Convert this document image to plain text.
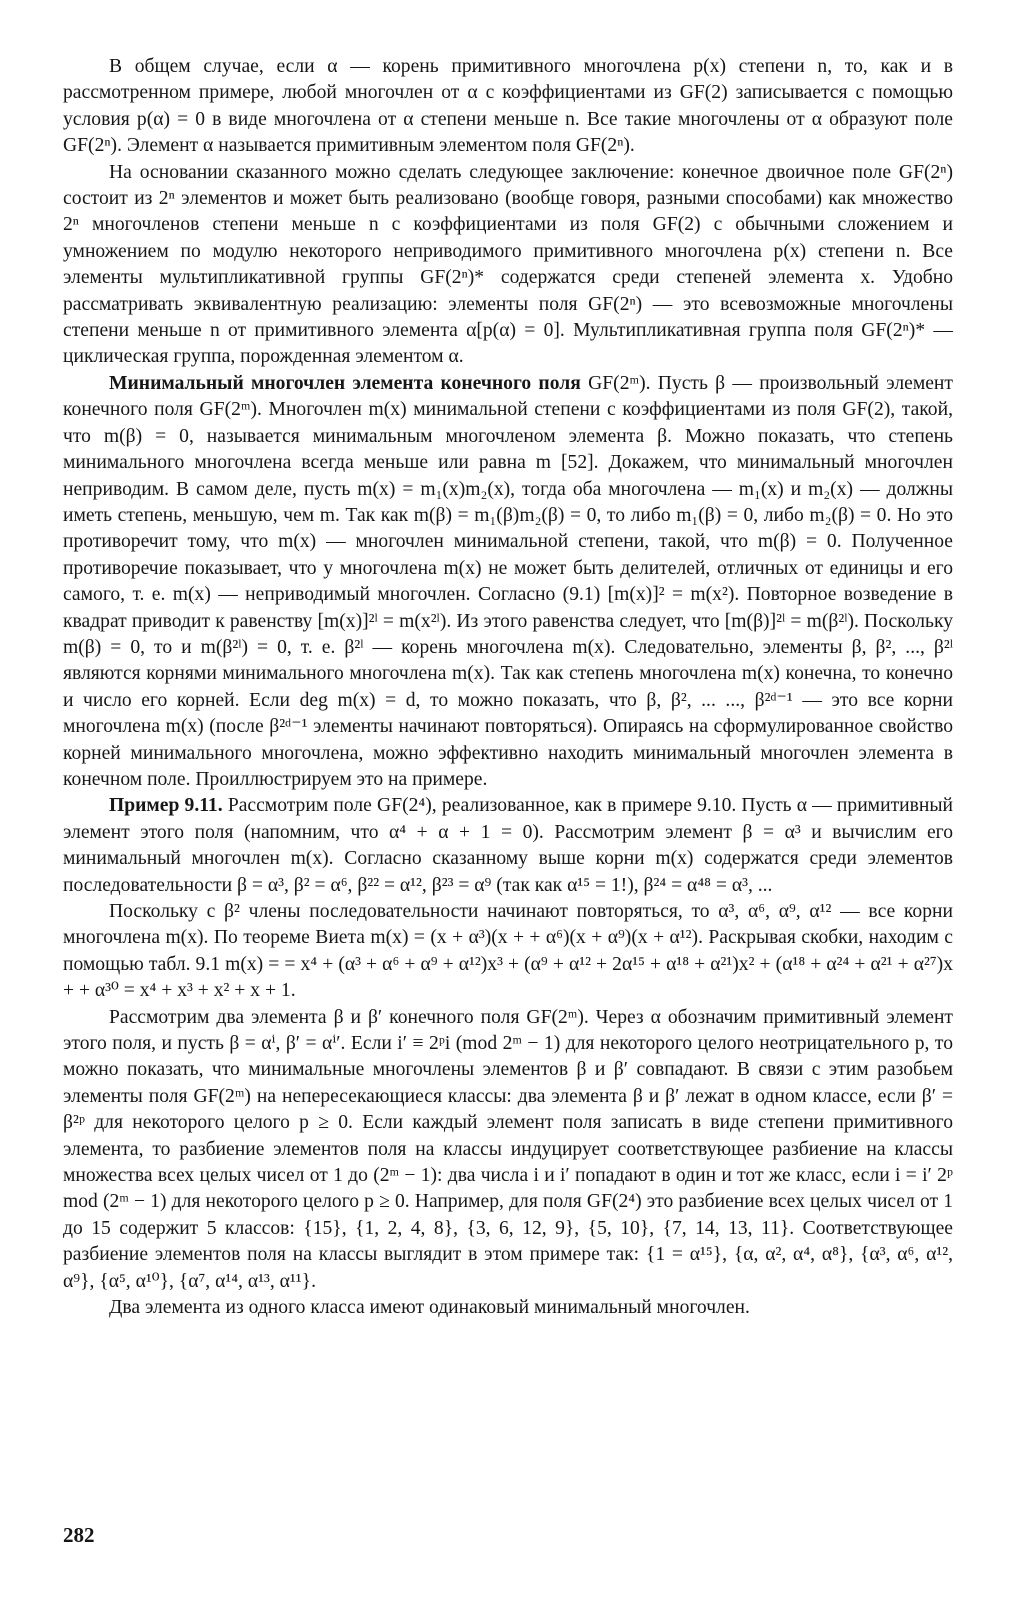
В общем случае, если α — корень примитивного многочлена p(x) степени n, то, как и в рассмотренном примере, любой многочлен от α с коэффициентами из GF(2) записывается с помощью условия p(α) = 0 в виде многочлена от α степени меньше n. Все такие многочлены от α образуют поле GF(2ⁿ). Элемент α называется примитивным элементом поля GF(2ⁿ).

На основании сказанного можно сделать следующее заключение: конечное двоичное поле GF(2ⁿ) состоит из 2ⁿ элементов и может быть реализовано (вообще говоря, разными способами) как множество 2ⁿ многочленов степени меньше n с коэффициентами из поля GF(2) с обычными сложением и умножением по модулю некоторого неприводимого примитивного многочлена p(x) степени n. Все элементы мультипликативной группы GF(2ⁿ)* содержатся среди степеней элемента x. Удобно рассматривать эквивалентную реализацию: элементы поля GF(2ⁿ) — это всевозможные многочлены степени меньше n от примитивного элемента α[p(α) = 0]. Мультипликативная группа поля GF(2ⁿ)* — циклическая группа, порожденная элементом α.

Минимальный многочлен элемента конечного поля GF(2ᵐ). Пусть β — произвольный элемент конечного поля GF(2ᵐ). Многочлен m(x) минимальной степени с коэффициентами из поля GF(2), такой, что m(β) = 0, называется минимальным многочленом элемента β. Можно показать, что степень минимального многочлена всегда меньше или равна m [52]. Докажем, что минимальный многочлен неприводим. В самом деле, пусть m(x) = m₁(x)m₂(x), тогда оба многочлена — m₁(x) и m₂(x) — должны иметь степень, меньшую, чем m. Так как m(β) = m₁(β)m₂(β) = 0, то либо m₁(β) = 0, либо m₂(β) = 0. Но это противоречит тому, что m(x) — многочлен минимальной степени, такой, что m(β) = 0. Полученное противоречие показывает, что у многочлена m(x) не может быть делителей, отличных от единицы и его самого, т. е. m(x) — неприводимый многочлен. Согласно (9.1) [m(x)]² = m(x²). Повторное возведение в квадрат приводит к равенству [m(x)]²ˡ = m(x²ˡ). Из этого равенства следует, что [m(β)]²ˡ = m(β²ˡ). Поскольку m(β) = 0, то и m(β²ˡ) = 0, т. е. β²ˡ — корень многочлена m(x). Следовательно, элементы β, β², ..., β²ˡ являются корнями минимального многочлена m(x). Так как степень многочлена m(x) конечна, то конечно и число его корней. Если deg m(x) = d, то можно показать, что β, β², ... ..., β²ᵈ⁻¹ — это все корни многочлена m(x) (после β²ᵈ⁻¹ элементы начинают повторяться). Опираясь на сформулированное свойство корней минимального многочлена, можно эффективно находить минимальный многочлен элемента в конечном поле. Проиллюстрируем это на примере.

Пример 9.11. Рассмотрим поле GF(2⁴), реализованное, как в примере 9.10. Пусть α — примитивный элемент этого поля (напомним, что α⁴ + α + 1 = 0). Рассмотрим элемент β = α³ и вычислим его минимальный многочлен m(x). Согласно сказанному выше корни m(x) содержатся среди элементов последовательности β = α³, β² = α⁶, β²² = α¹², β²³ = α⁹ (так как α¹⁵ = 1!), β²⁴ = α⁴⁸ = α³, ...

Поскольку с β² члены последовательности начинают повторяться, то α³, α⁶, α⁹, α¹² — все корни многочлена m(x). По теореме Виета m(x) = (x + α³)(x + + α⁶)(x + α⁹)(x + α¹²). Раскрывая скобки, находим с помощью табл. 9.1 m(x) = = x⁴ + (α³ + α⁶ + α⁹ + α¹²)x³ + (α⁹ + α¹² + 2α¹⁵ + α¹⁸ + α²¹)x² + (α¹⁸ + α²⁴ + α²¹ + α²⁷)x + + α³⁰ = x⁴ + x³ + x² + x + 1.

Рассмотрим два элемента β и β′ конечного поля GF(2ᵐ). Через α обозначим примитивный элемент этого поля, и пусть β = αⁱ, β′ = αⁱ′. Если i′ ≡ 2ᵖi (mod 2ᵐ − 1) для некоторого целого неотрицательного p, то можно показать, что минимальные многочлены элементов β и β′ совпадают. В связи с этим разобьем элементы поля GF(2ᵐ) на непересекающиеся классы: два элемента β и β′ лежат в одном классе, если β′ = β²ᵖ для некоторого целого p ≥ 0. Если каждый элемент поля записать в виде степени примитивного элемента, то разбиение элементов поля на классы индуцирует соответствующее разбиение на классы множества всех целых чисел от 1 до (2ᵐ − 1): два числа i и i′ попадают в один и тот же класс, если i = i′ 2ᵖ mod (2ᵐ − 1) для некоторого целого p ≥ 0. Например, для поля GF(2⁴) это разбиение всех целых чисел от 1 до 15 содержит 5 классов: {15}, {1, 2, 4, 8}, {3, 6, 12, 9}, {5, 10}, {7, 14, 13, 11}. Соответствующее разбиение элементов поля на классы выглядит в этом примере так: {1 = α¹⁵}, {α, α², α⁴, α⁸}, {α³, α⁶, α¹², α⁹}, {α⁵, α¹⁰}, {α⁷, α¹⁴, α¹³, α¹¹}.

Два элемента из одного класса имеют одинаковый минимальный многочлен.

282
